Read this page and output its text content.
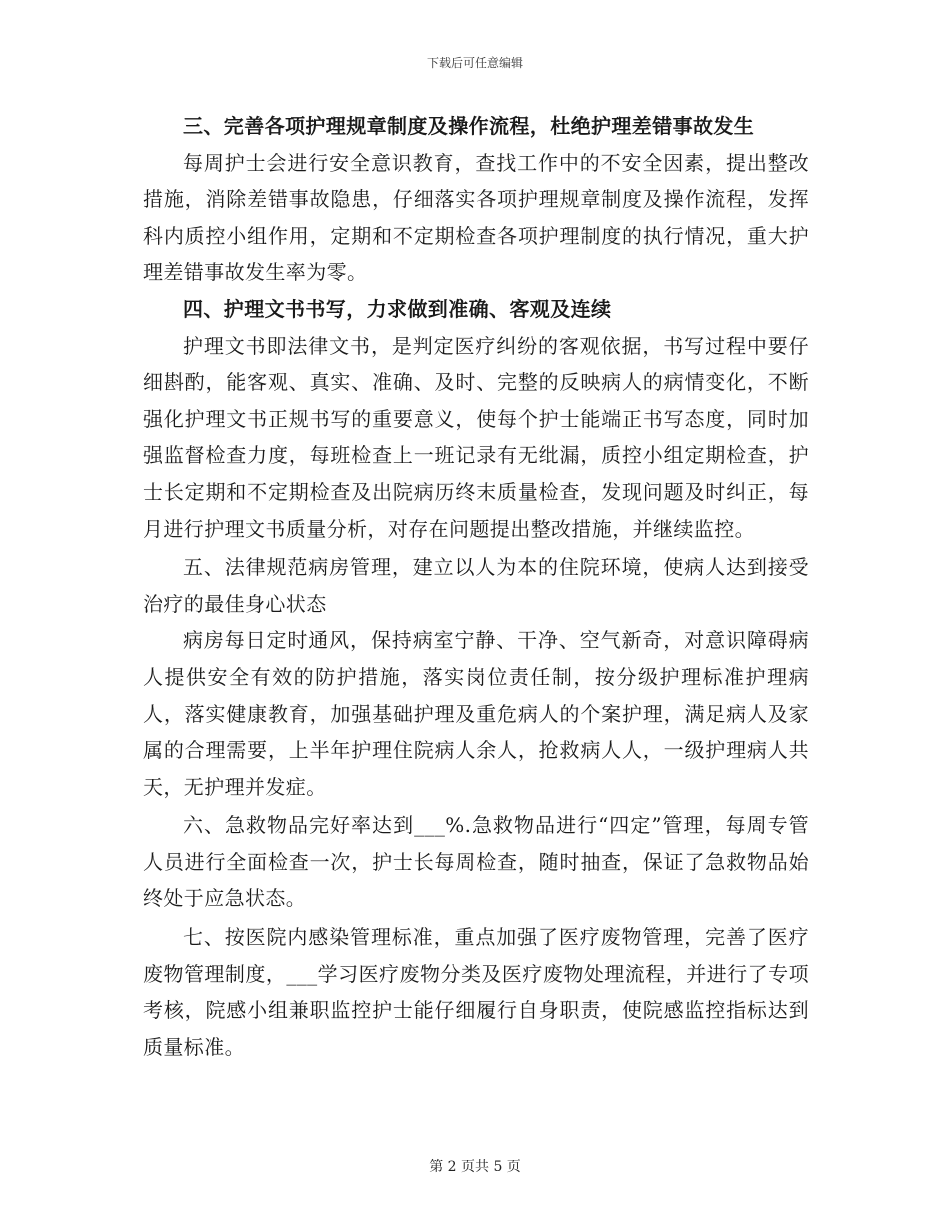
下载后可任意编辑

三、完善各项护理规章制度及操作流程，杜绝护理差错事故发生

每周护士会进行安全意识教育，查找工作中的不安全因素，提出整改措施，消除差错事故隐患，仔细落实各项护理规章制度及操作流程，发挥科内质控小组作用，定期和不定期检查各项护理制度的执行情况，重大护理差错事故发生率为零。

四、护理文书书写，力求做到准确、客观及连续

护理文书即法律文书，是判定医疗纠纷的客观依据，书写过程中要仔细斟酌，能客观、真实、准确、及时、完整的反映病人的病情变化，不断强化护理文书正规书写的重要意义，使每个护士能端正书写态度，同时加强监督检查力度，每班检查上一班记录有无纰漏，质控小组定期检查，护士长定期和不定期检查及出院病历终末质量检查，发现问题及时纠正，每月进行护理文书质量分析，对存在问题提出整改措施，并继续监控。

五、法律规范病房管理，建立以人为本的住院环境，使病人达到接受治疗的最佳身心状态

病房每日定时通风，保持病室宁静、干净、空气新奇，对意识障碍病人提供安全有效的防护措施，落实岗位责任制，按分级护理标准护理病人，落实健康教育，加强基础护理及重危病人的个案护理，满足病人及家属的合理需要，上半年护理住院病人余人，抢救病人人，一级护理病人共天，无护理并发症。

六、急救物品完好率达到___%.急救物品进行“四定”管理，每周专管人员进行全面检查一次，护士长每周检查，随时抽查，保证了急救物品始终处于应急状态。

七、按医院内感染管理标准，重点加强了医疗废物管理，完善了医疗废物管理制度，___学习医疗废物分类及医疗废物处理流程，并进行了专项考核，院感小组兼职监控护士能仔细履行自身职责，使院感监控指标达到质量标准。

第 2 页共 5 页
